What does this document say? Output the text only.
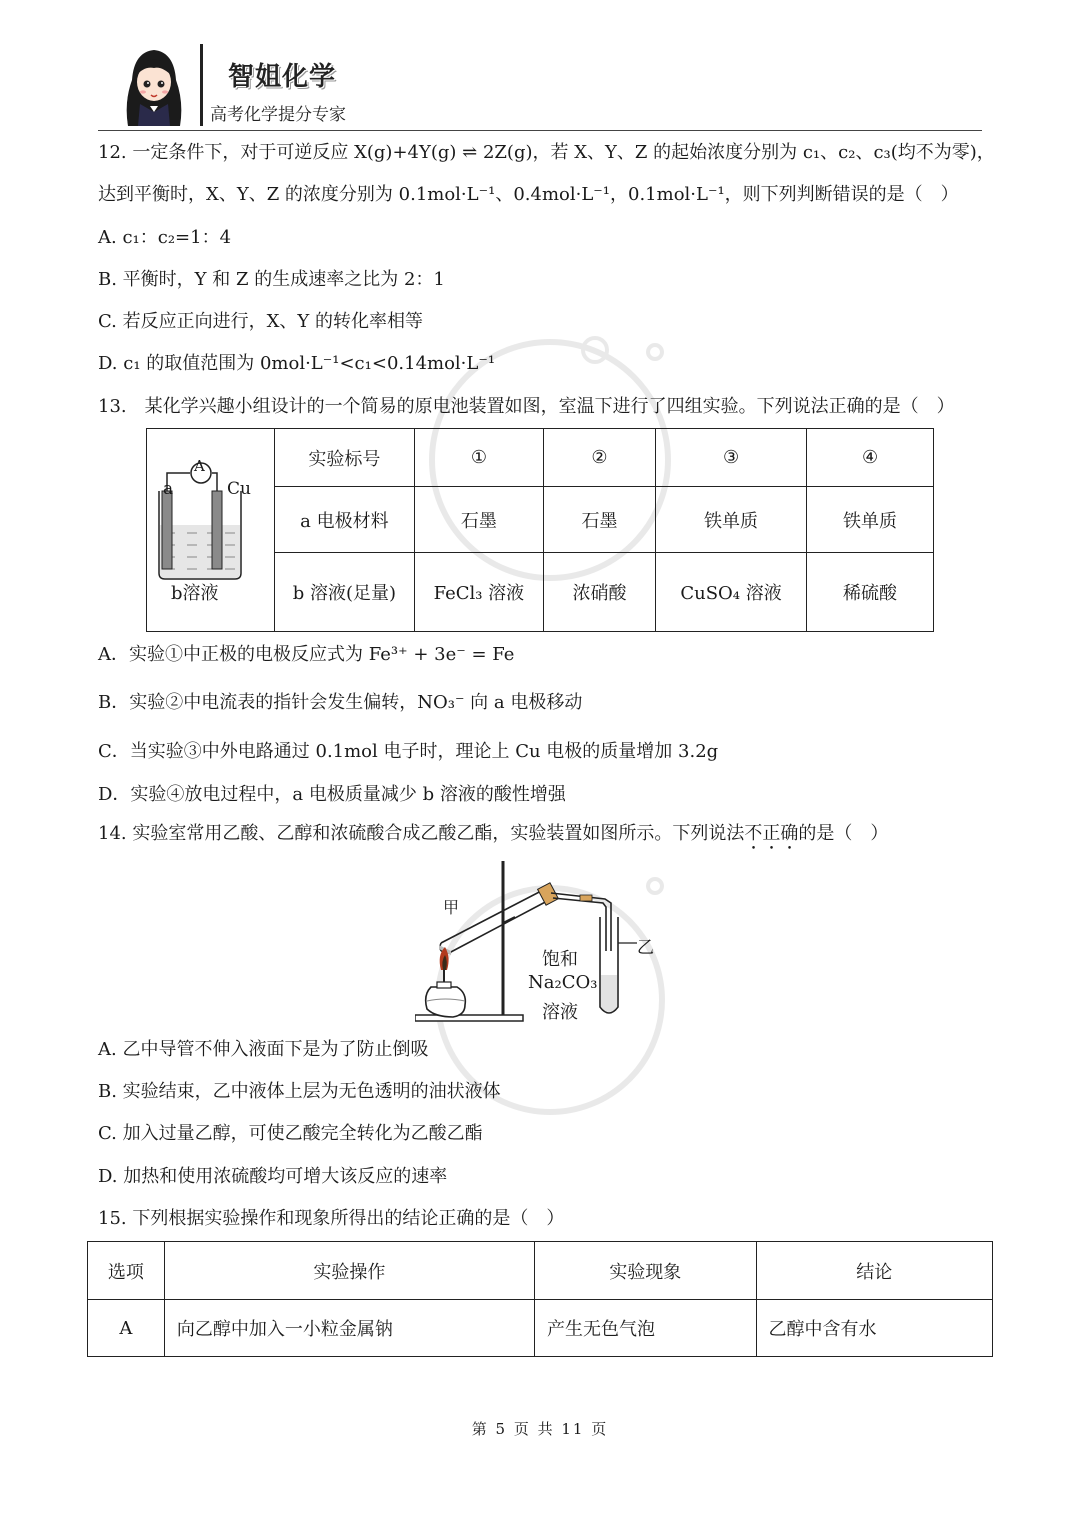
智姐化学
高考化学提分专家
12. 一定条件下，对于可逆反应 X(g)+4Y(g) ⇌ 2Z(g)，若 X、Y、Z 的起始浓度分别为 c₁、c₂、c₃(均不为零)，
达到平衡时，X、Y、Z 的浓度分别为 0.1mol·L⁻¹、0.4mol·L⁻¹，0.1mol·L⁻¹，则下列判断错误的是（　）
A. c₁：c₂=1：4
B. 平衡时，Y 和 Z 的生成速率之比为 2：1
C. 若反应正向进行，X、Y 的转化率相等
D. c₁ 的取值范围为 0mol·L⁻¹<c₁<0.14mol·L⁻¹
13.　某化学兴趣小组设计的一个简易的原电池装置如图，室温下进行了四组实验。下列说法正确的是（　）
A
a Cu
b溶液	实验标号	①	②	③	④
	a 电极材料	石墨	石墨	铁单质	铁单质
	b 溶液(足量)	FeCl₃ 溶液	浓硝酸	CuSO₄ 溶液	稀硫酸
A．实验①中正极的电极反应式为 Fe³⁺ + 3e⁻ = Fe
B．实验②中电流表的指针会发生偏转，NO₃⁻ 向 a 电极移动
C．当实验③中外电路通过 0.1mol 电子时，理论上 Cu 电极的质量增加 3.2g
D．实验④放电过程中，a 电极质量减少 b 溶液的酸性增强
14. 实验室常用乙酸、乙醇和浓硫酸合成乙酸乙酯，实验装置如图所示。下列说法不正确的是（　）
甲
乙
饱和
Na₂CO₃
溶液
A. 乙中导管不伸入液面下是为了防止倒吸
B. 实验结束，乙中液体上层为无色透明的油状液体
C. 加入过量乙醇，可使乙酸完全转化为乙酸乙酯
D. 加热和使用浓硫酸均可增大该反应的速率
15. 下列根据实验操作和现象所得出的结论正确的是（　）
选项	实验操作	实验现象	结论
A	向乙醇中加入一小粒金属钠	产生无色气泡	乙醇中含有水
第 5 页 共 11 页
